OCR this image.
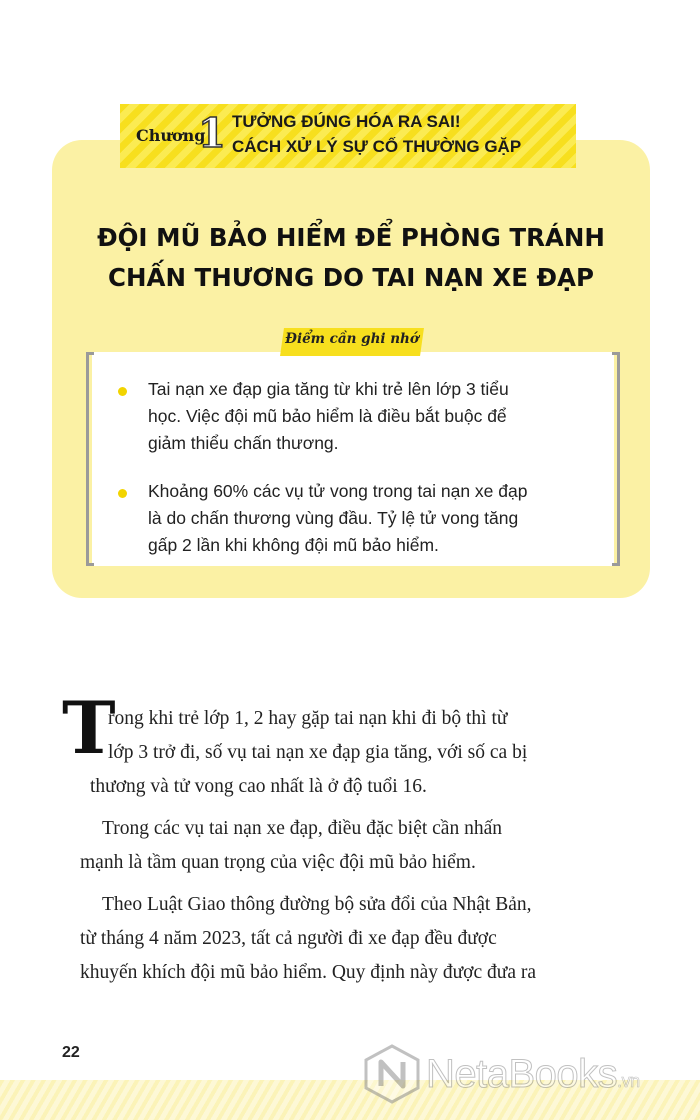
Chương
1 TƯỞNG ĐÚNG HÓA RA SAI!
CÁCH XỬ LÝ SỰ CỐ THƯỜNG GẶP
ĐỘI MŨ BẢO HIỂM ĐỂ PHÒNG TRÁNH
CHẤN THƯƠNG DO TAI NẠN XE ĐẠP
Điểm cần ghi nhớ
Tai nạn xe đạp gia tăng từ khi trẻ lên lớp 3 tiểu
học. Việc đội mũ bảo hiểm là điều bắt buộc để
giảm thiểu chấn thương.
Khoảng 60% các vụ tử vong trong tai nạn xe đạp
là do chấn thương vùng đầu. Tỷ lệ tử vong tăng
gấp 2 lần khi không đội mũ bảo hiểm.
T
rong khi trẻ lớp 1, 2 hay gặp tai nạn khi đi bộ thì từ
lớp 3 trở đi, số vụ tai nạn xe đạp gia tăng, với số ca bị
thương và tử vong cao nhất là ở độ tuổi 16.
Trong các vụ tai nạn xe đạp, điều đặc biệt cần nhấn
mạnh là tầm quan trọng của việc đội mũ bảo hiểm.
Theo Luật Giao thông đường bộ sửa đổi của Nhật Bản,
từ tháng 4 năm 2023, tất cả người đi xe đạp đều được
khuyến khích đội mũ bảo hiểm. Quy định này được đưa ra
22	NetaBooks.vn
